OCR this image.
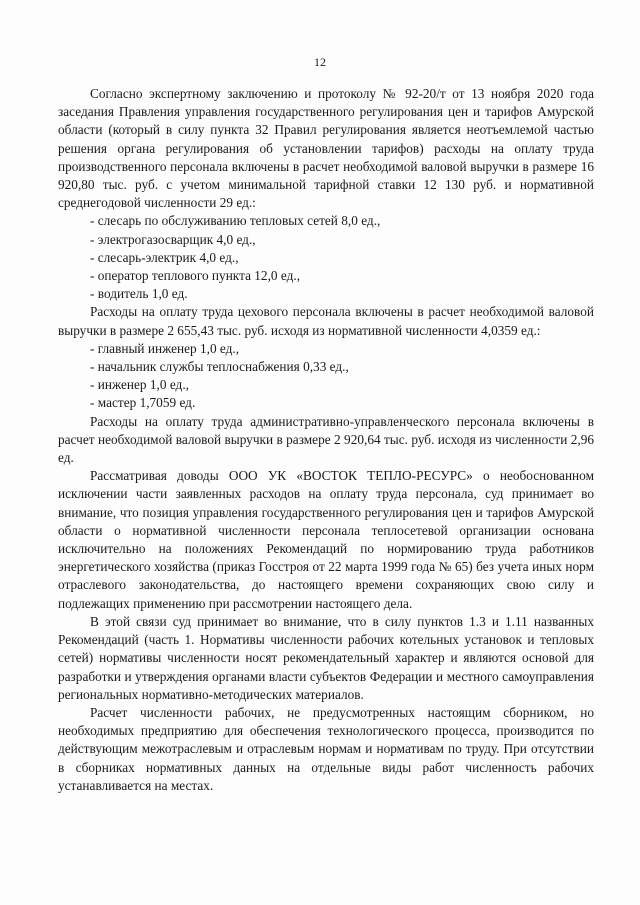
12

Согласно экспертному заключению и протоколу № 92-20/т от 13 ноября 2020 года заседания Правления управления государственного регулирования цен и тарифов Амурской области (который в силу пункта 32 Правил регулирования является неотъемлемой частью решения органа регулирования об установлении тарифов) расходы на оплату труда производственного персонала включены в расчет необходимой валовой выручки в размере 16 920,80 тыс. руб. с учетом минимальной тарифной ставки 12 130 руб. и нормативной среднегодовой численности 29 ед.:

- слесарь по обслуживанию тепловых сетей 8,0 ед.,
- электрогазосварщик 4,0 ед.,
- слесарь-электрик 4,0 ед.,
- оператор теплового пункта 12,0 ед.,
- водитель 1,0 ед.

Расходы на оплату труда цехового персонала включены в расчет необходимой валовой выручки в размере 2 655,43 тыс. руб. исходя из нормативной численности 4,0359 ед.:

- главный инженер 1,0 ед.,
- начальник службы теплоснабжения 0,33 ед.,
- инженер 1,0 ед.,
- мастер 1,7059 ед.

Расходы на оплату труда административно-управленческого персонала включены в расчет необходимой валовой выручки в размере 2 920,64 тыс. руб. исходя из численности 2,96 ед.

Рассматривая доводы ООО УК «ВОСТОК ТЕПЛО-РЕСУРС» о необоснованном исключении части заявленных расходов на оплату труда персонала, суд принимает во внимание, что позиция управления государственного регулирования цен и тарифов Амурской области о нормативной численности персонала теплосетевой организации основана исключительно на положениях Рекомендаций по нормированию труда работников энергетического хозяйства (приказ Госстроя от 22 марта 1999 года № 65) без учета иных норм отраслевого законодательства, до настоящего времени сохраняющих свою силу и подлежащих применению при рассмотрении настоящего дела.

В этой связи суд принимает во внимание, что в силу пунктов 1.3 и 1.11 названных Рекомендаций (часть 1. Нормативы численности рабочих котельных установок и тепловых сетей) нормативы численности носят рекомендательный характер и являются основой для разработки и утверждения органами власти субъектов Федерации и местного самоуправления региональных нормативно-методических материалов.

Расчет численности рабочих, не предусмотренных настоящим сборником, но необходимых предприятию для обеспечения технологического процесса, производится по действующим межотраслевым и отраслевым нормам и нормативам по труду. При отсутствии в сборниках нормативных данных на отдельные виды работ численность рабочих устанавливается на местах.
